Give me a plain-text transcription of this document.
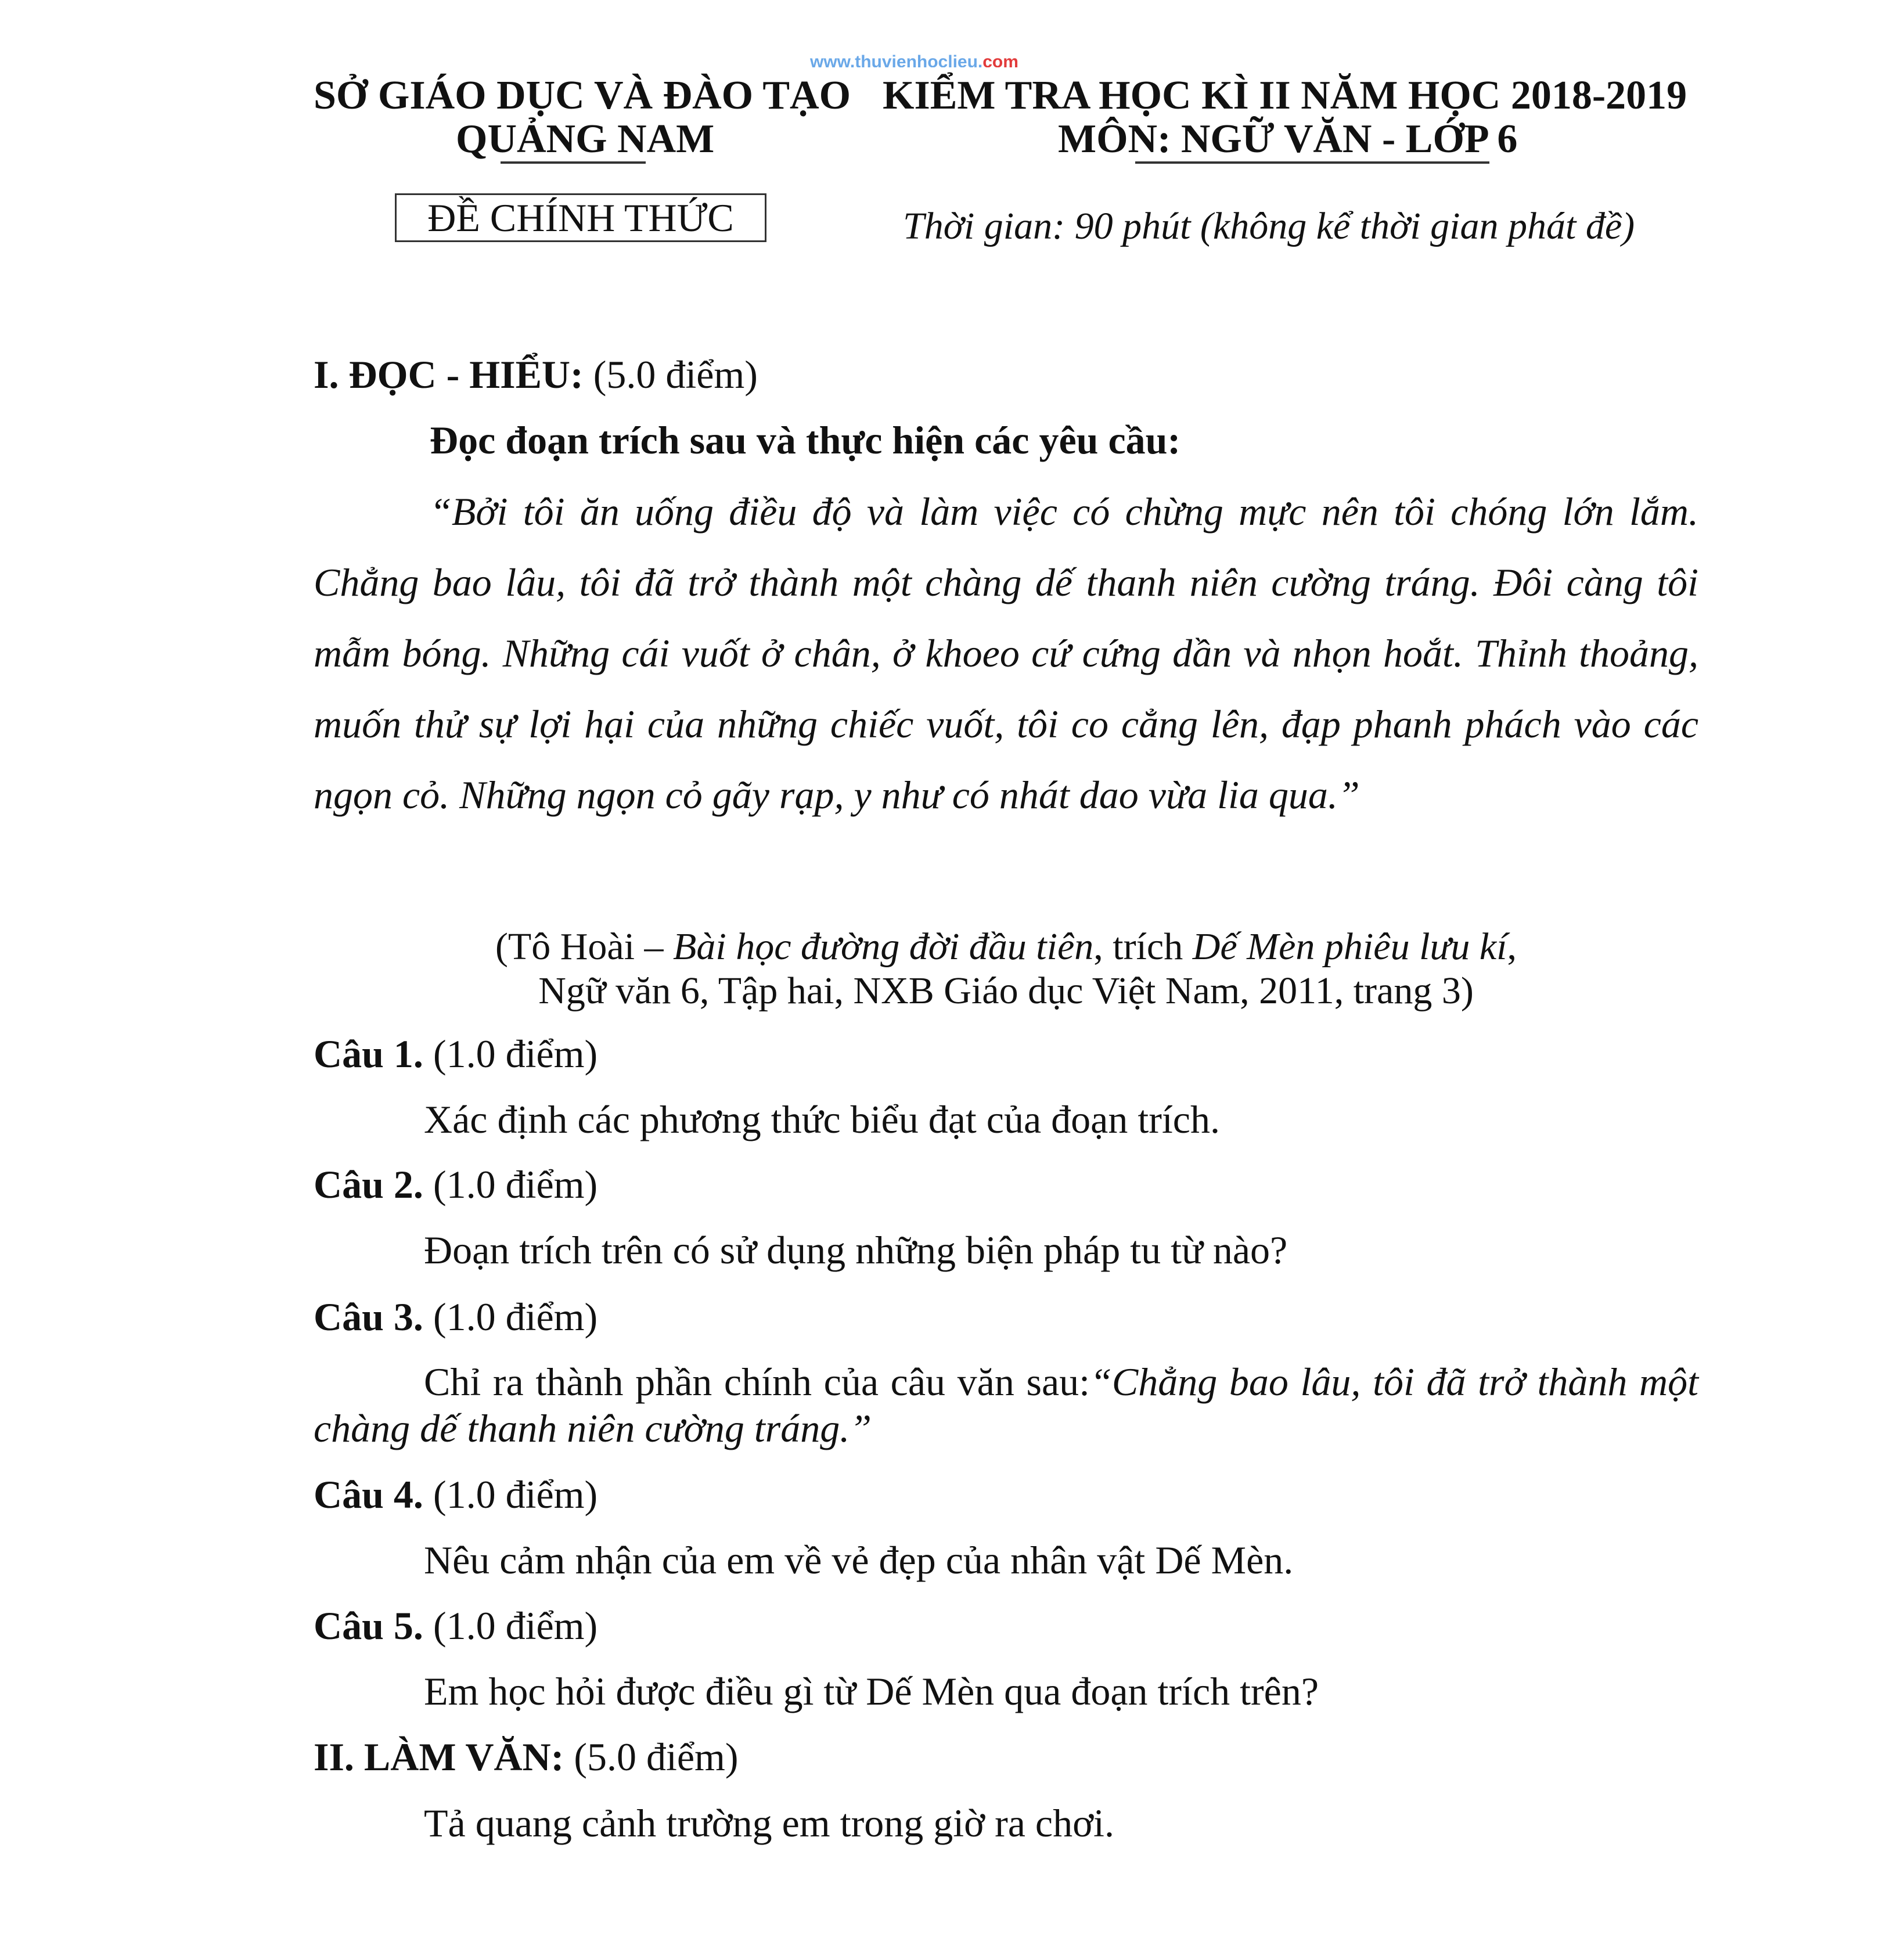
www.thuvienhoclieu.com
SỞ GIÁO DỤC VÀ ĐÀO TẠO
QUẢNG NAM
KIỂM TRA HỌC KÌ II NĂM HỌC 2018-2019
MÔN: NGỮ VĂN - LỚP 6
ĐỀ CHÍNH THỨC	Thời gian: 90 phút (không kể thời gian phát đề)
I. ĐỌC - HIỂU: (5.0 điểm)
Đọc đoạn trích sau và thực hiện các yêu cầu:
“Bởi tôi ăn uống điều độ và làm việc có chừng mực nên tôi chóng lớn lắm. Chẳng bao lâu, tôi đã trở thành một chàng dế thanh niên cường tráng. Đôi càng tôi mẫm bóng. Những cái vuốt ở chân, ở khoeo cứ cứng dần và nhọn hoắt. Thỉnh thoảng, muốn thử sự lợi hại của những chiếc vuốt, tôi co cẳng lên, đạp phanh phách vào các ngọn cỏ. Những ngọn cỏ gãy rạp, y như có nhát dao vừa lia qua.”
(Tô Hoài – Bài học đường đời đầu tiên, trích Dế Mèn phiêu lưu kí,
Ngữ văn 6, Tập hai, NXB Giáo dục Việt Nam, 2011, trang 3)
Câu 1. (1.0 điểm)
Xác định các phương thức biểu đạt của đoạn trích.
Câu 2. (1.0 điểm)
Đoạn trích trên có sử dụng những biện pháp tu từ nào?
Câu 3. (1.0 điểm)
Chỉ ra thành phần chính của câu văn sau:“Chẳng bao lâu, tôi đã trở thành một chàng dế thanh niên cường tráng.”
Câu 4. (1.0 điểm)
Nêu cảm nhận của em về vẻ đẹp của nhân vật Dế Mèn.
Câu 5. (1.0 điểm)
Em học hỏi được điều gì từ Dế Mèn qua đoạn trích trên?
II. LÀM VĂN: (5.0 điểm)
Tả quang cảnh trường em trong giờ ra chơi.
